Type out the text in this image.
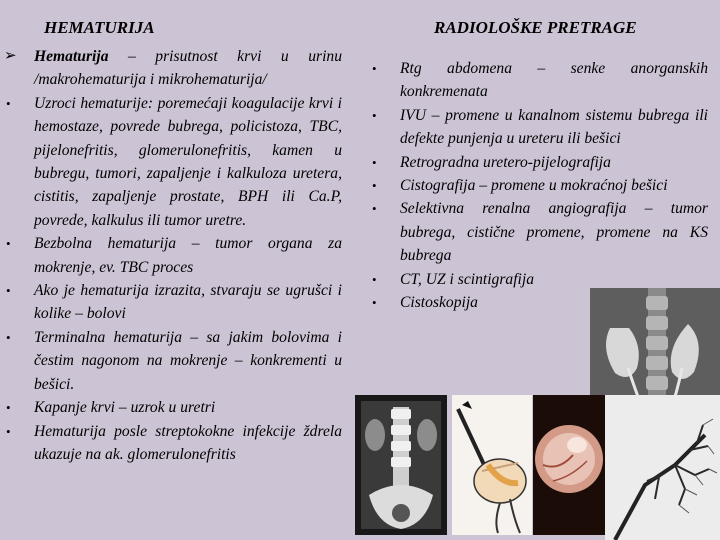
HEMATURIJA	RADIOLOŠKE PRETRAGE
➢ Hematurija – prisutnost krvi u urinu /makrohematurija i mikrohematurija/
• Uzroci hematurije: poremećaji koagulacije krvi i hemostaze, povrede bubrega, policistoza, TBC, pijelonefritis, glomerulonefritis, kamen u bubregu, tumori, zapaljenje i kalkuloza uretera, cistitis, zapaljenje prostate, BPH ili Ca.P, povrede, kalkulus ili tumor uretre.
• Bezbolna hematurija – tumor organa za mokrenje, ev. TBC proces
• Ako je hematurija izrazita, stvaraju se ugrušci i kolike – bolovi
• Terminalna hematurija – sa jakim bolovima i čestim nagonom na mokrenje – konkrementi u bešici.
• Kapanje krvi – uzrok u uretri
• Hematurija posle streptokokne infekcije ždrela ukazuje na ak. glomerulonefritis
• Rtg abdomena – senke anorganskih konkremenata
• IVU – promene u kanalnom sistemu bubrega ili defekte punjenja u ureteru ili bešici
• Retrogradna uretero-pijelografija
• Cistografija – promene u mokraćnoj bešici
• Selektivna renalna angiografija – tumor bubrega, cistične promene, promene na KS bubrega
• CT, UZ i scintigrafija
• Cistoskopija
